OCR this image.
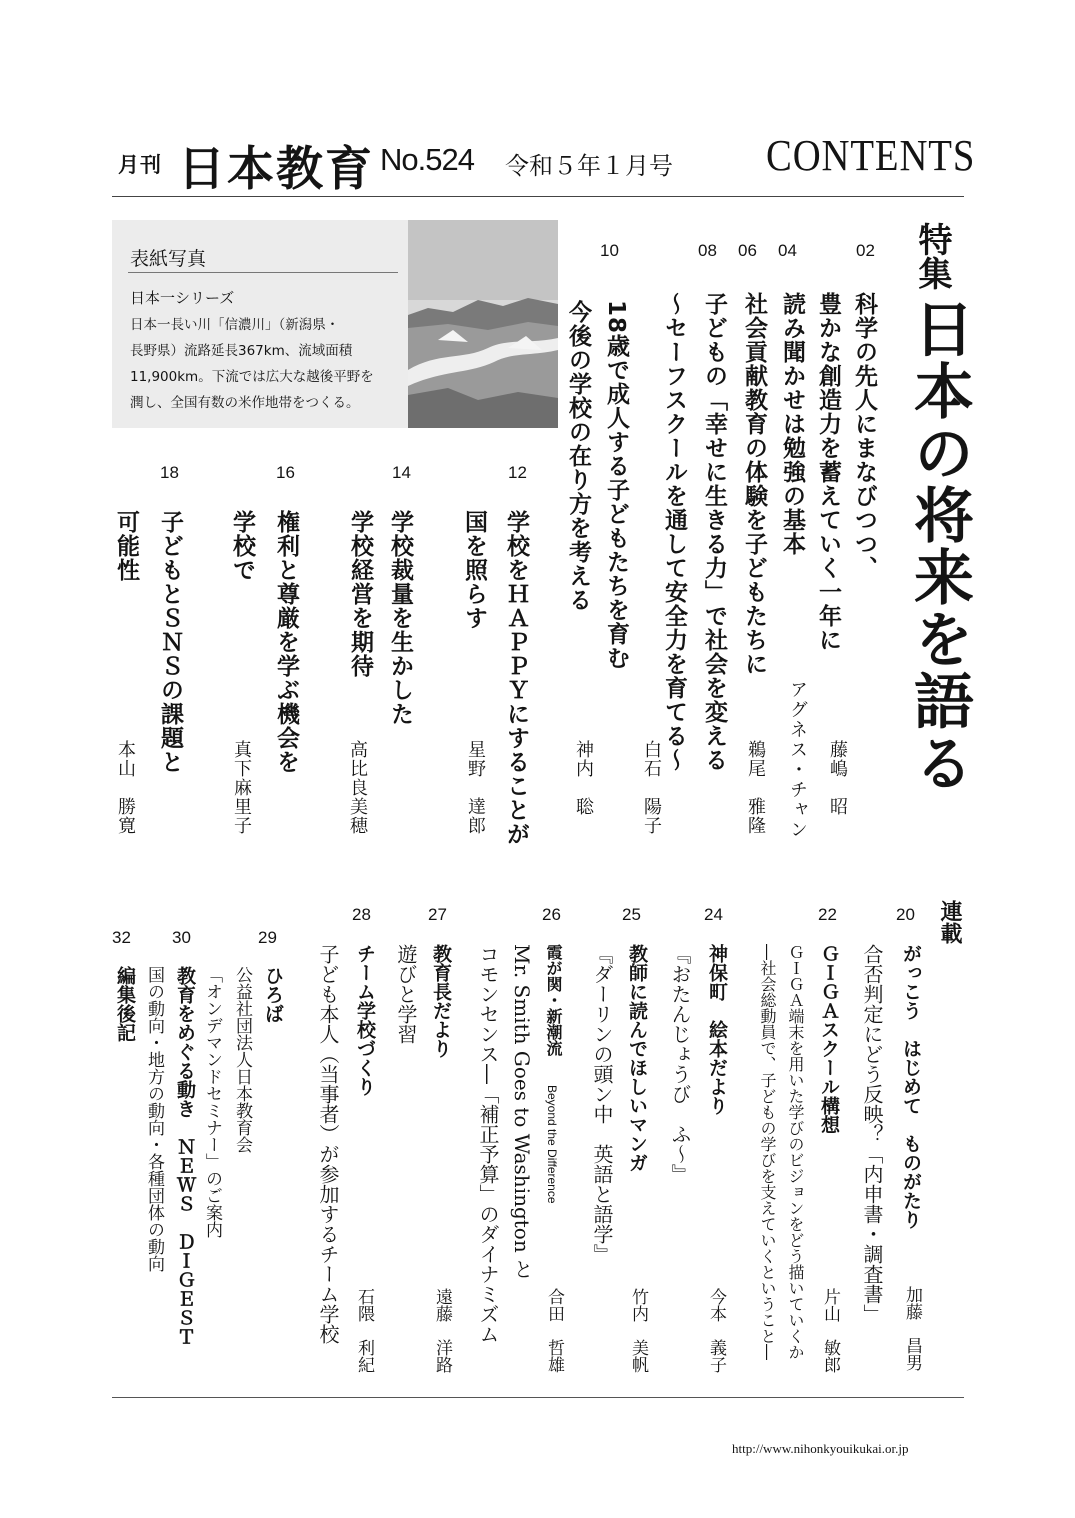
月刊 日本教育 No.524 令和５年１月号 CONTENTS
表紙写真
日本一シリーズ
日本一長い川「信濃川」（新潟県・
長野県）流路延長367km、流域面積
11,900km。下流では広大な越後平野を
潤し、全国有数の米作地帯をつくる。
特集
日本の将来を語る
02
科学の先人にまなびつつ、
豊かな創造力を蓄えていく一年に
藤嶋　昭
04
読み聞かせは勉強の基本
アグネス・チャン
06
社会貢献教育の体験を子どもたちに
鵜尾　雅隆
08
子どもの「幸せに生きる力」で社会を変える
～セーフスクールを通して安全力を育てる～
白石　陽子
10
18歳で成人する子どもたちを育む
今後の学校の在り方を考える
神内　聡
12
学校をＨＡＰＰＹにすることが
国を照らす
星野　達郎
14
学校裁量を生かした
学校経営を期待
高比良美穂
16
権利と尊厳を学ぶ機会を
学校で
真下麻里子
18
子どもとＳＮＳの課題と
可能性
本山　勝寛
連載
20
がっこう　はじめて　ものがたり
合否判定にどう反映？「内申書・調査書」
加藤　昌男
22
ＧＩＧＡスクール構想
ＧＩＧＡ端末を用いた学びのビジョンをどう描いていくか
―社会総動員で、子どもの学びを支えていくということ―	片山　敏郎
24
神保町　絵本だより
『おたんじょうび　ふ～』
今本　義子
25
教師に読んでほしいマンガ
『ダーリンの頭ン中　英語と語学』
竹内　美帆
26
霞が関・新潮流
Beyond the Difference
Mr. Smith Goes to Washington と
コモンセンス―「補正予算」のダイナミズム	合田　哲雄
27
教育長だより
遊びと学習
遠藤　洋路
28
チーム学校づくり
子ども本人（当事者）が参加するチーム学校 石隈　利紀
29
ひろば
公益社団法人日本教育会
「オンデマンドセミナー」のご案内
30
教育をめぐる動き　ＮＥＷＳ　ＤＩＧＥＳＴ
国の動向・地方の動向・各種団体の動向
32
編集後記
http://www.nihonkyouikukai.or.jp
